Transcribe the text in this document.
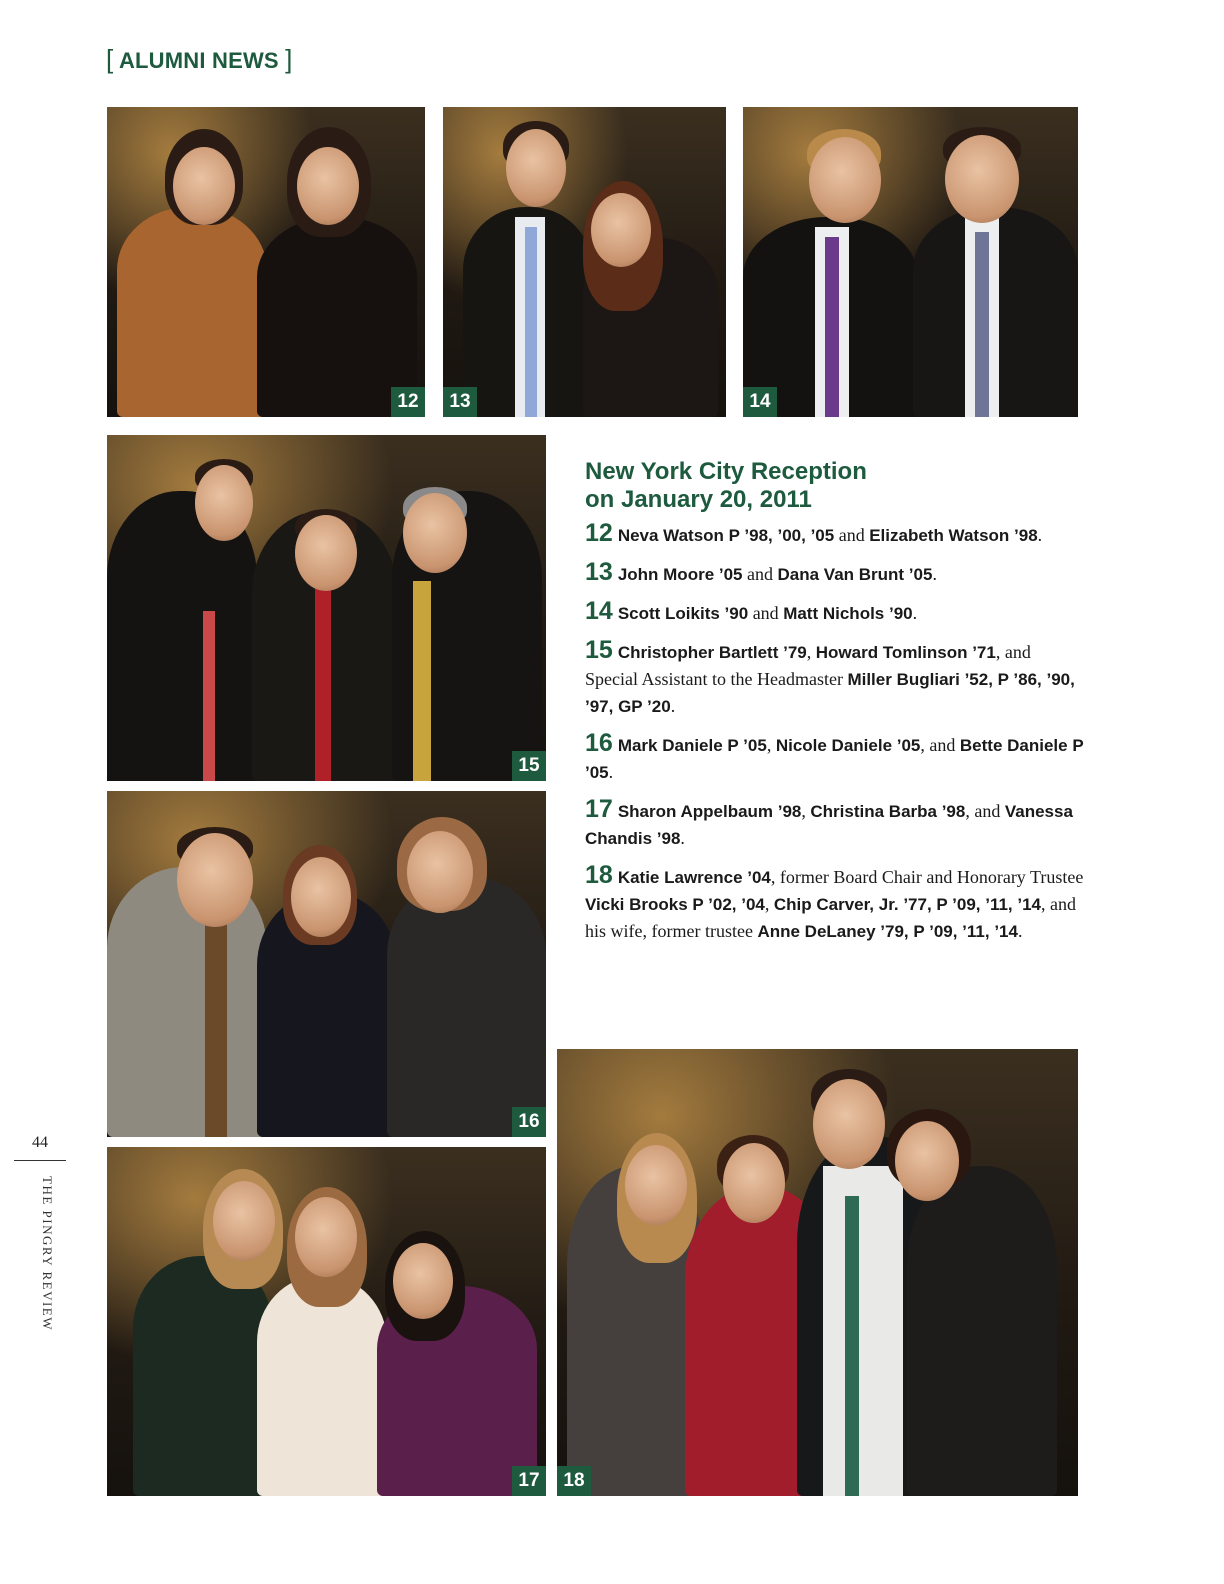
[ ALUMNI NEWS ]
12	13	14
15
16
17	18
New York City Reception
on January 20, 2011
12 Neva Watson P ’98, ’00, ’05 and Elizabeth Watson ’98.
13 John Moore ’05 and Dana Van Brunt ’05.
14 Scott Loikits ’90 and Matt Nichols ’90.
15 Christopher Bartlett ’79, Howard Tomlinson ’71, and Special Assistant to the Headmaster Miller Bugliari ’52, P ’86, ’90, ’97, GP ’20.
16 Mark Daniele P ’05, Nicole Daniele ’05, and Bette Daniele P ’05.
17 Sharon Appelbaum ’98, Christina Barba ’98, and Vanessa Chandis ’98.
18 Katie Lawrence ’04, former Board Chair and Honorary Trustee Vicki Brooks P ’02, ’04, Chip Carver, Jr. ’77, P ’09, ’11, ’14, and his wife, former trustee Anne DeLaney ’79, P ’09, ’11, ’14.
44
THE PINGRY REVIEW
